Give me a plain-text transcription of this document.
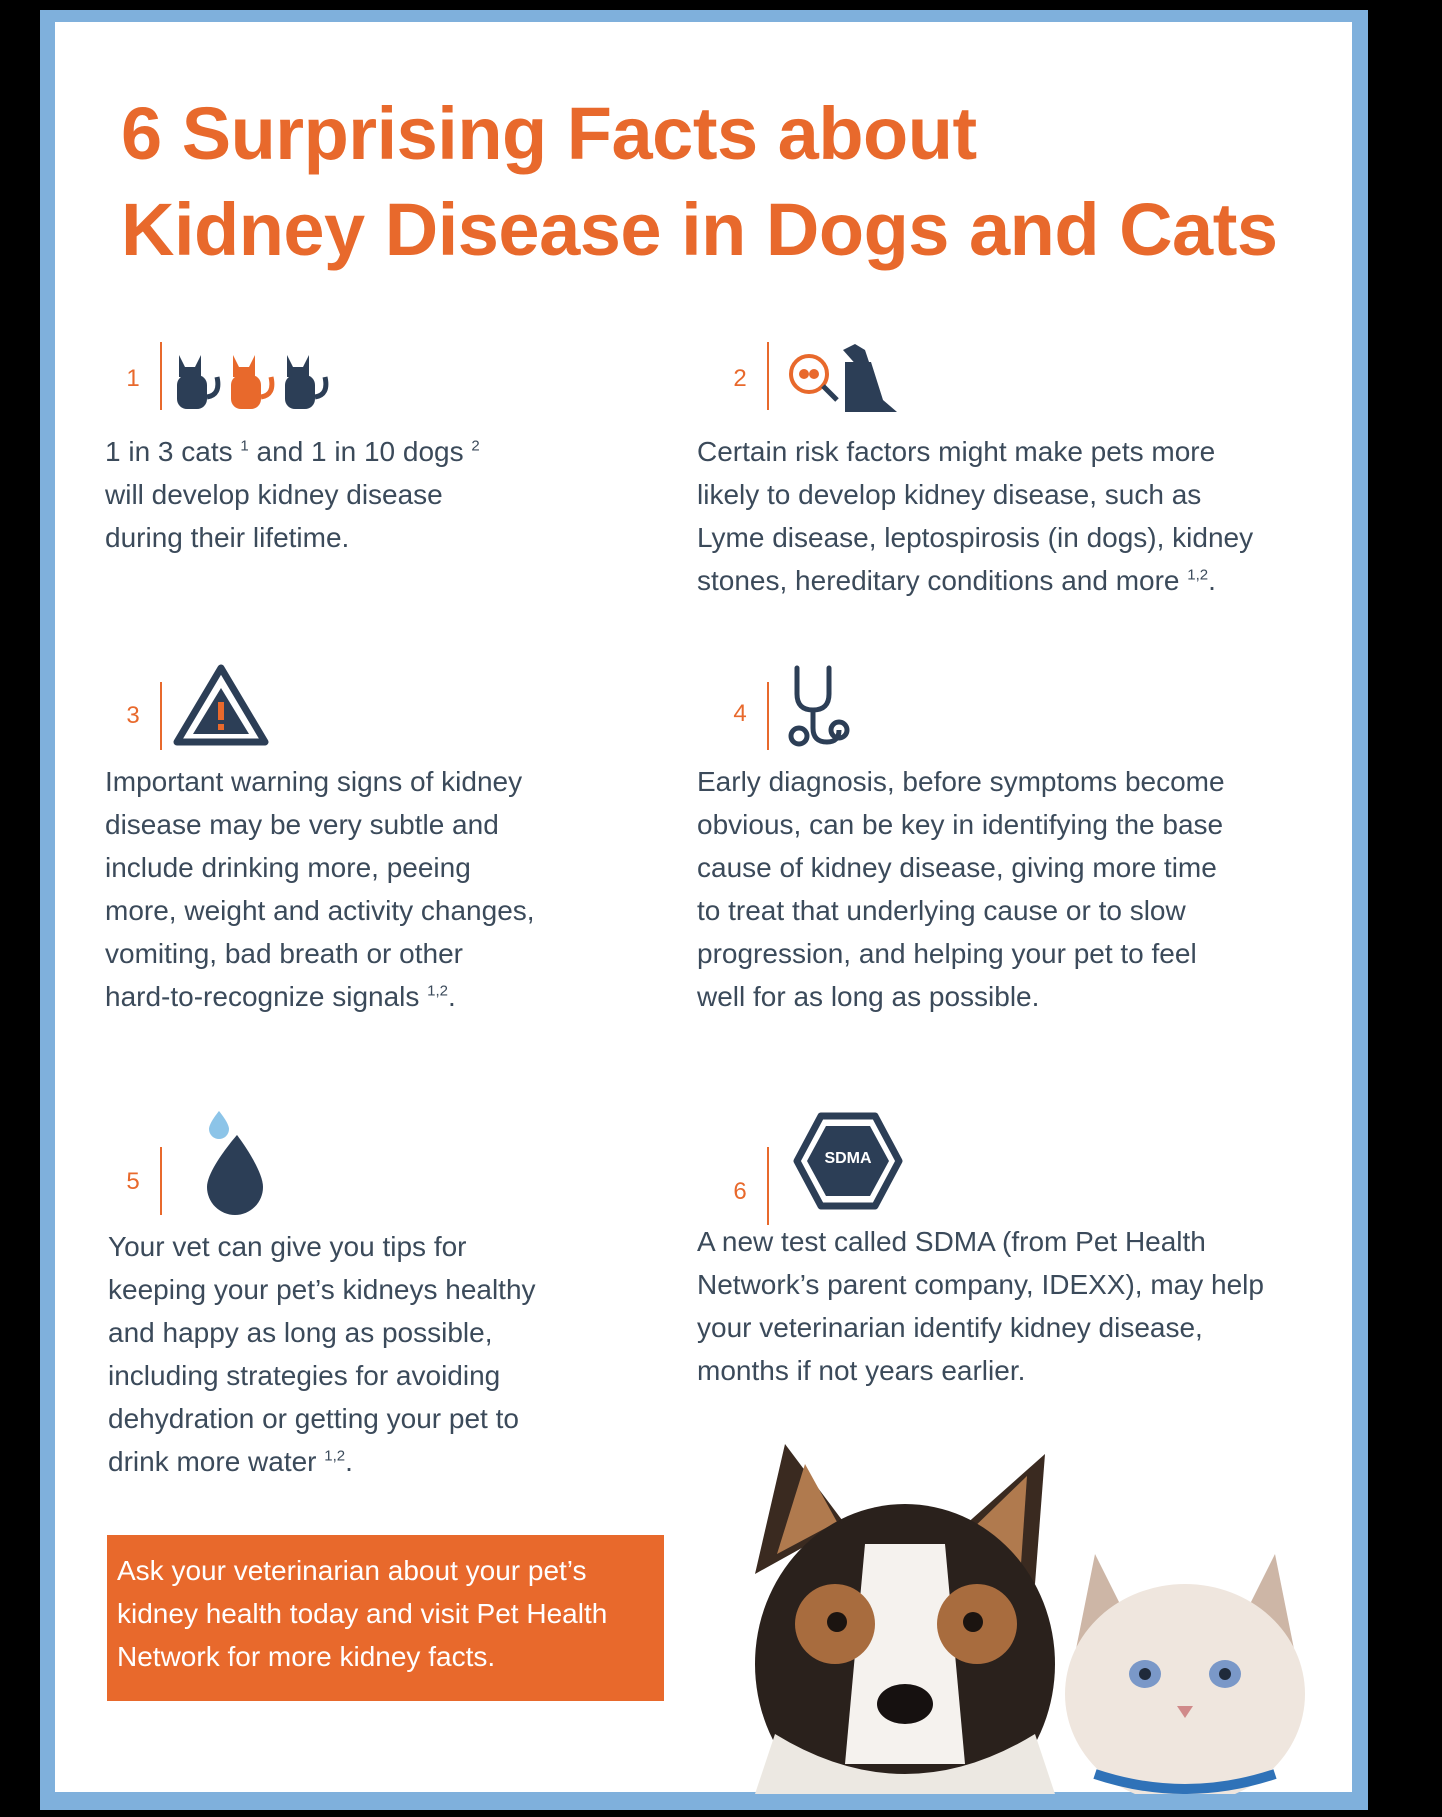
6 Surprising Facts about
Kidney Disease in Dogs and Cats
1

1 in 3 cats $^1$ and 1 in 10 dogs $^2$
will develop kidney disease
during their lifetime.

2

Certain risk factors might make pets more
likely to develop kidney disease, such as
Lyme disease, leptospirosis (in dogs), kidney
stones, hereditary conditions and more $^{1,2}$.

3

Important warning signs of kidney
disease may be very subtle and
include drinking more, peeing
more, weight and activity changes,
vomiting, bad breath or other
hard-to-recognize signals $^{1,2}$.

4

Early diagnosis, before symptoms become
obvious, can be key in identifying the base
cause of kidney disease, giving more time
to treat that underlying cause or to slow
progression, and helping your pet to feel
well for as long as possible.

5

Your vet can give you tips for
keeping your pet’s kidneys healthy
and happy as long as possible,
including strategies for avoiding
dehydration or getting your pet to
drink more water $^{1,2}$.

6
SDMA

A new test called SDMA (from Pet Health
Network’s parent company, IDEXX), may help
your veterinarian identify kidney disease,
months if not years earlier.

Ask your veterinarian about your pet’s
kidney health today and visit Pet Health
Network for more kidney facts.
